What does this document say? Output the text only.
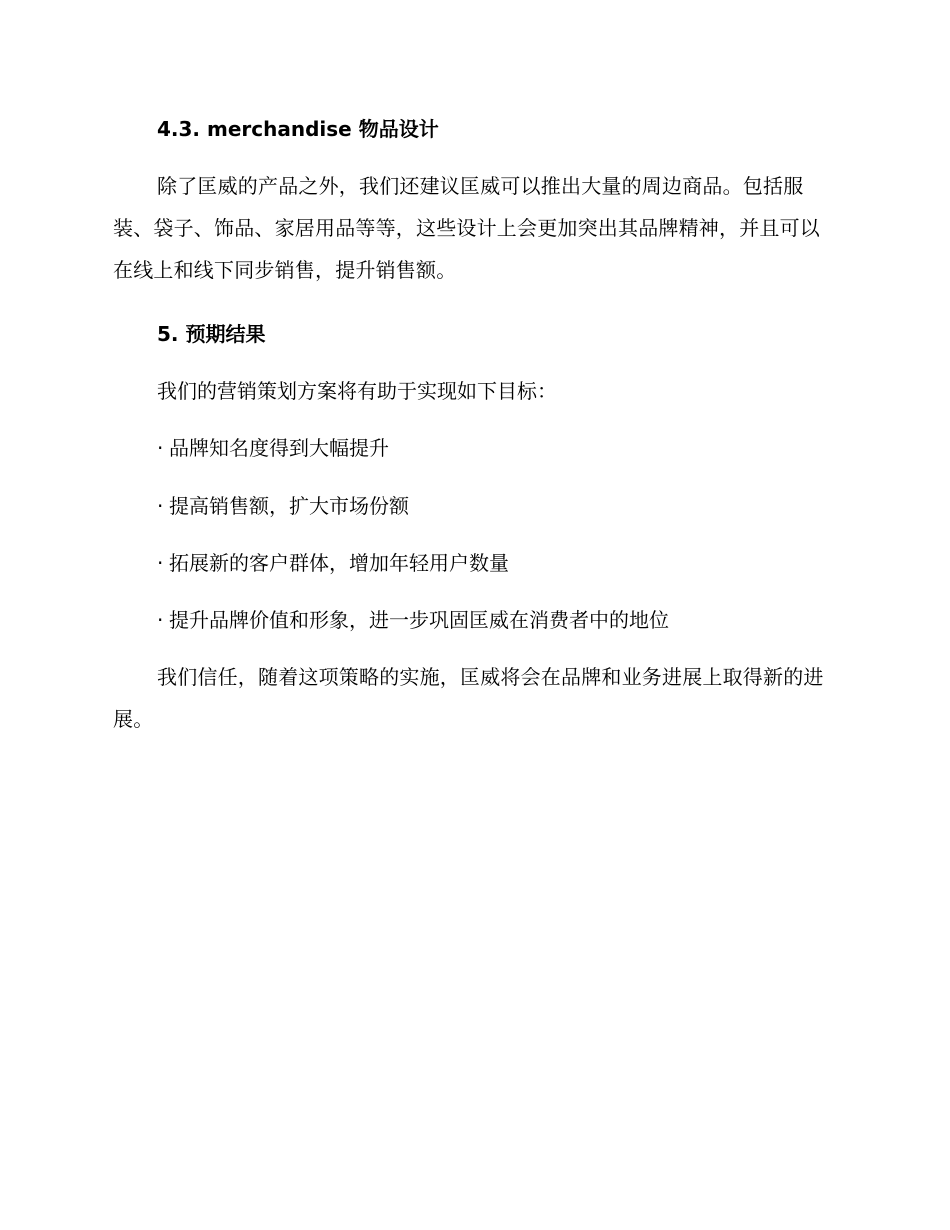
4.3. merchandise 物品设计

除了匡威的产品之外，我们还建议匡威可以推出大量的周边商品。包括服装、袋子、饰品、家居用品等等，这些设计上会更加突出其品牌精神，并且可以在线上和线下同步销售，提升销售额。

5. 预期结果

我们的营销策划方案将有助于实现如下目标：

· 品牌知名度得到大幅提升
· 提高销售额，扩大市场份额
· 拓展新的客户群体，增加年轻用户数量
· 提升品牌价值和形象，进一步巩固匡威在消费者中的地位

我们信任，随着这项策略的实施，匡威将会在品牌和业务进展上取得新的进展。
